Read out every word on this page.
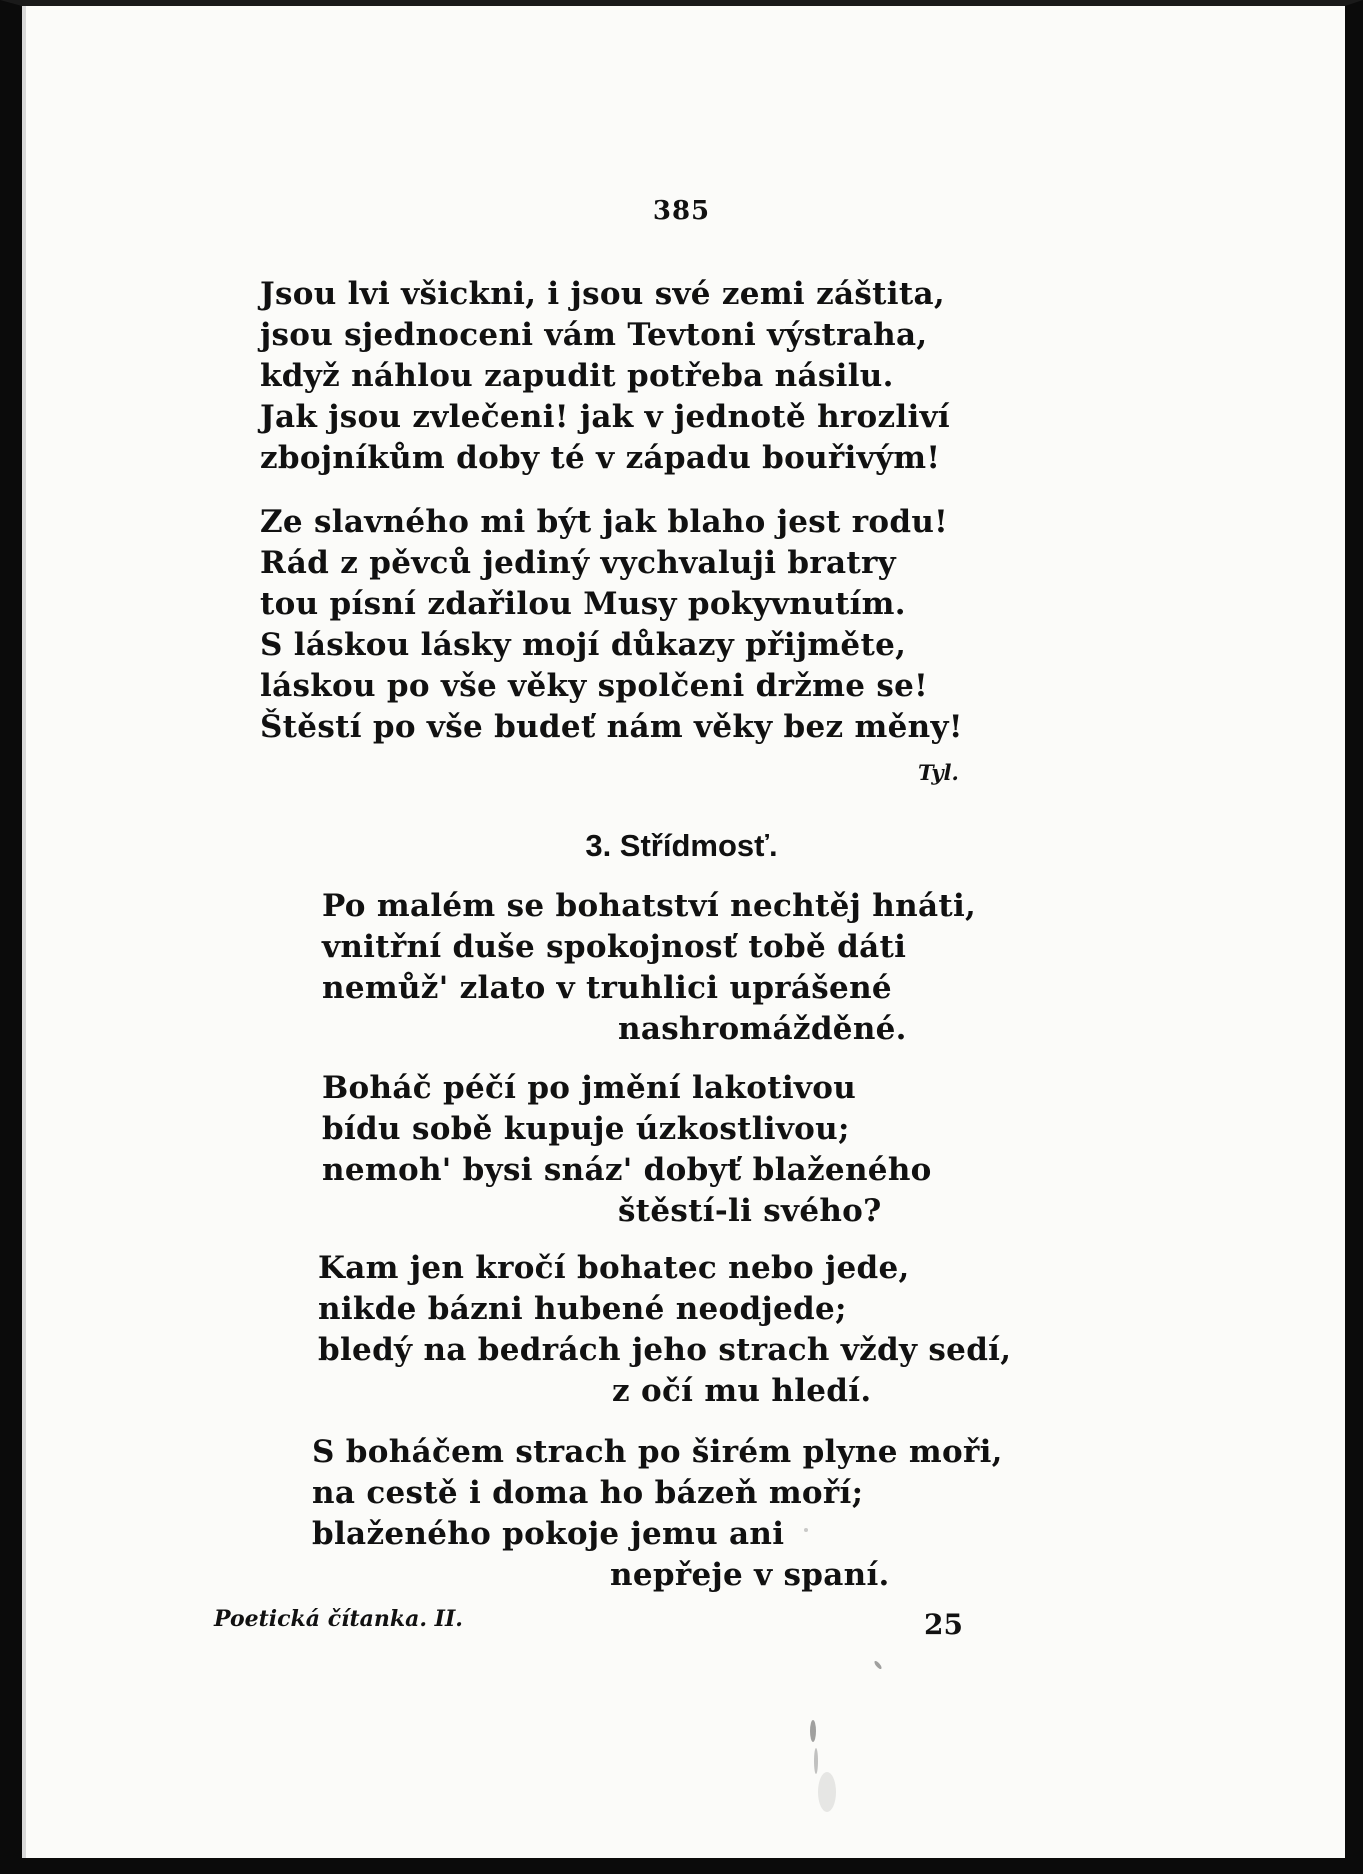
385
Jsou lvi všickni, i jsou své zemi záštita,
jsou sjednoceni vám Tevtoni výstraha,
když náhlou zapudit potřeba násilu.
Jak jsou zvlečeni! jak v jednotě hrozliví
zbojníkům doby té v západu bouřivým!
Ze slavného mi být jak blaho jest rodu!
Rád z pěvců jediný vychvaluji bratry
tou písní zdařilou Musy pokyvnutím.
S láskou lásky mojí důkazy přijměte,
láskou po vše věky spolčeni držme se!
Štěstí po vše budeť nám věky bez měny!
Tyl.
3. Střídmosť.
Po malém se bohatství nechtěj hnáti,
vnitřní duše spokojnosť tobě dáti
nemůž' zlato v truhlici uprášené
nashromážděné.
Boháč péčí po jmění lakotivou
bídu sobě kupuje úzkostlivou;
nemoh' bysi snáz' dobyť blaženého
štěstí-li svého?
Kam jen kročí bohatec nebo jede,
nikde bázni hubené neodjede;
bledý na bedrách jeho strach vždy sedí,
z očí mu hledí.
S boháčem strach po širém plyne moři,
na cestě i doma ho bázeň moří;
blaženého pokoje jemu ani
nepřeje v spaní.
Poetická čítanka. II.	25
